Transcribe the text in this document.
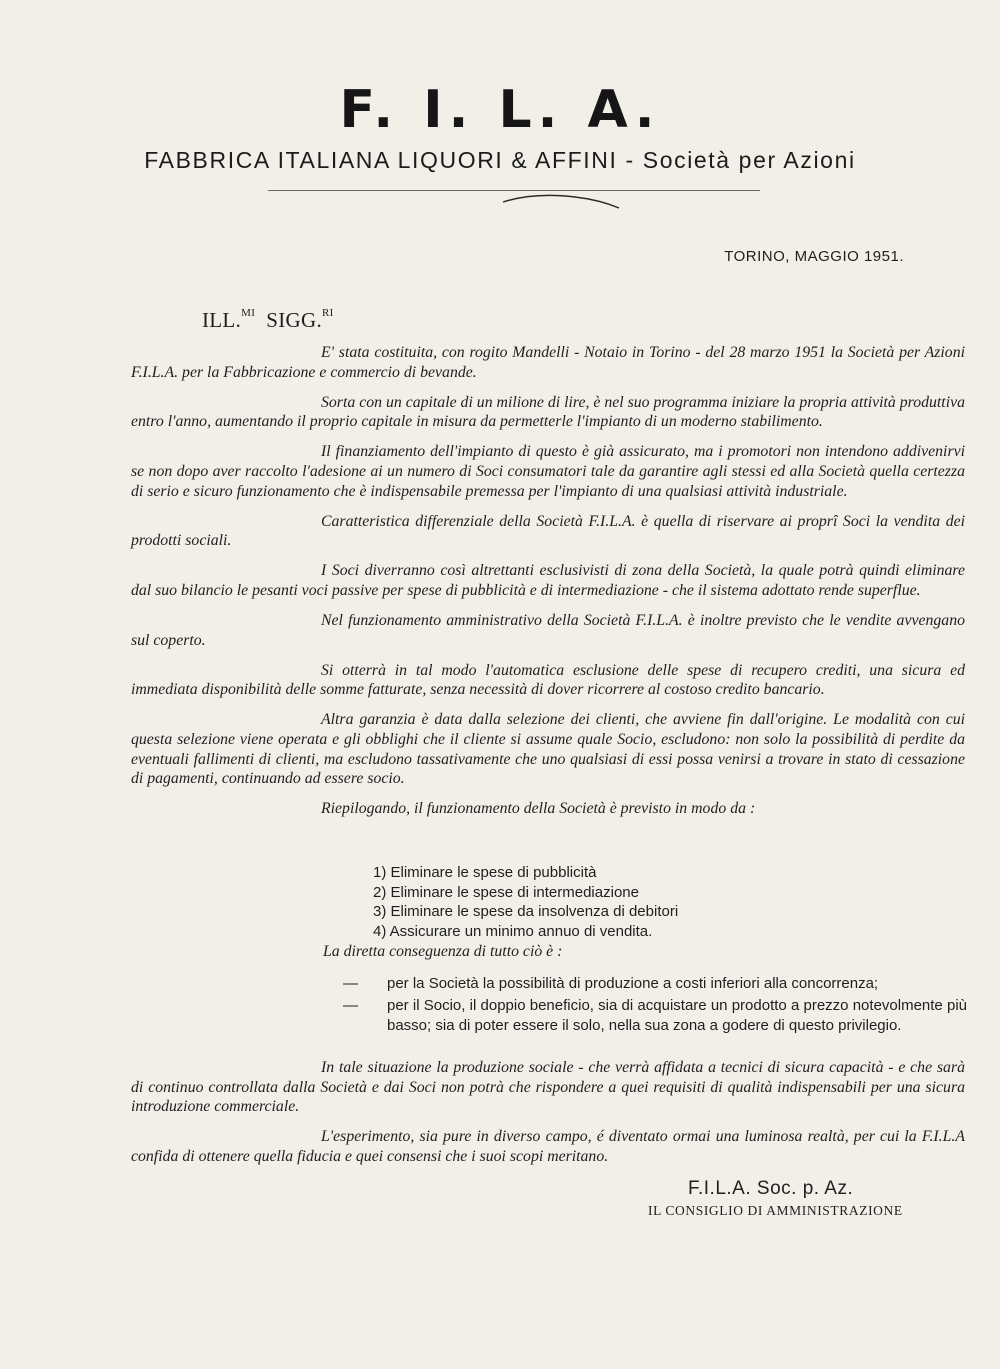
F. I. L. A.
FABBRICA ITALIANA LIQUORI & AFFINI - Società per Azioni
TORINO, MAGGIO 1951.
ILL.$^{MI}$ SIGG.$^{RI}$

E' stata costituita, con rogito Mandelli - Notaio in Torino - del 28 marzo 1951 la Società per Azioni F.I.L.A. per la Fabbricazione e commercio di bevande.

Sorta con un capitale di un milione di lire, è nel suo programma iniziare la propria attività produttiva entro l'anno, aumentando il proprio capitale in misura da permetterle l'impianto di un moderno stabilimento.

Il finanziamento dell'impianto di questo è già assicurato, ma i promotori non intendono addivenirvi se non dopo aver raccolto l'adesione ai un numero di Soci consumatori tale da garantire agli stessi ed alla Società quella certezza di serio e sicuro funzionamento che è indispensabile premessa per l'impianto di una qualsiasi attività industriale.

Caratteristica differenziale della Società F.I.L.A. è quella di riservare ai proprî Soci la vendita dei prodotti sociali.

I Soci diverranno così altrettanti esclusivisti di zona della Società, la quale potrà quindi eliminare dal suo bilancio le pesanti voci passive per spese di pubblicità e di intermediazione - che il sistema adottato rende superflue.

Nel funzionamento amministrativo della Società F.I.L.A. è inoltre previsto che le vendite avvengano sul coperto.

Si otterrà in tal modo l'automatica esclusione delle spese di recupero crediti, una sicura ed immediata disponibilità delle somme fatturate, senza necessità di dover ricorrere al costoso credito bancario.

Altra garanzia è data dalla selezione dei clienti, che avviene fin dall'origine. Le modalità con cui questa selezione viene operata e gli obblighi che il cliente si assume quale Socio, escludono: non solo la possibilità di perdite da eventuali fallimenti di clienti, ma escludono tassativamente che uno qualsiasi di essi possa venirsi a trovare in stato di cessazione di pagamenti, continuando ad essere socio.

Riepilogando, il funzionamento della Società è previsto in modo da :

1) Eliminare le spese di pubblicità
2) Eliminare le spese di intermediazione
3) Eliminare le spese da insolvenza di debitori
4) Assicurare un minimo annuo di vendita.
La diretta conseguenza di tutto ciò è :
— per la Società la possibilità di produzione a costi inferiori alla concorrenza;
— per il Socio, il doppio beneficio, sia di acquistare un prodotto a prezzo notevolmente più basso; sia di poter essere il solo, nella sua zona a godere di questo privilegio.

In tale situazione la produzione sociale - che verrà affidata a tecnici di sicura capacità - e che sarà di continuo controllata dalla Società e dai Soci non potrà che rispondere a quei requisiti di qualità indispensabili per una sicura introduzione commerciale.

L'esperimento, sia pure in diverso campo, é diventato ormai una luminosa realtà, per cui la F.I.L.A confida di ottenere quella fiducia e quei consensi che i suoi scopi meritano.

F.I.L.A. Soc. p. Az.
IL CONSIGLIO DI AMMINISTRAZIONE
